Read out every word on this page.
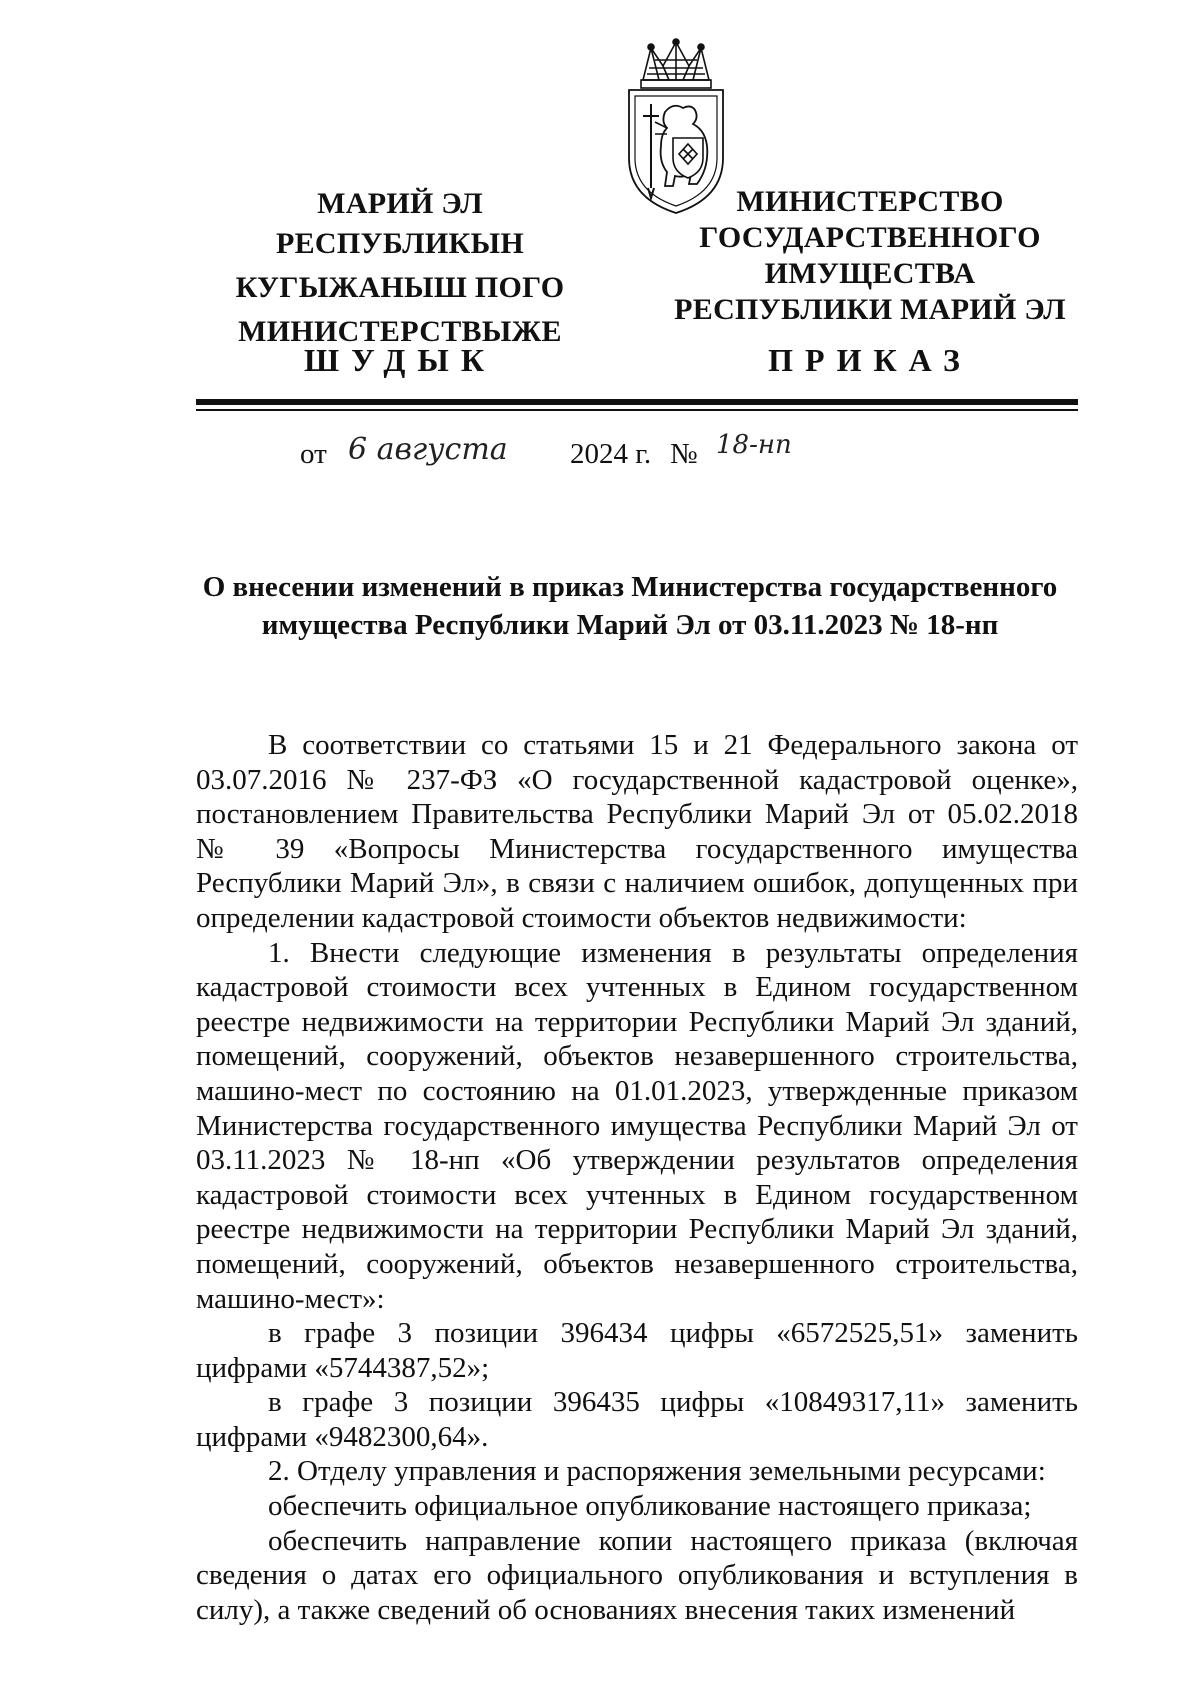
МАРИЙ ЭЛ РЕСПУБЛИКЫН
КУГЫЖАНЫШ ПОГО
МИНИСТЕРСТВЫЖЕ
МИНИСТЕРСТВО
ГОСУДАРСТВЕННОГО
ИМУЩЕСТВА
РЕСПУБЛИКИ МАРИЙ ЭЛ
ШУДЫК	ПРИКАЗ
от 6 августа 2024 г. № 18-нп
О внесении изменений в приказ Министерства государственного
имущества Республики Марий Эл от 03.11.2023 № 18-нп

В соответствии со статьями 15 и 21 Федерального закона от 03.07.2016 № 237-ФЗ «О государственной кадастровой оценке», постановлением Правительства Республики Марий Эл от 05.02.2018 № 39 «Вопросы Министерства государственного имущества Республики Марий Эл», в связи с наличием ошибок, допущенных при определении кадастровой стоимости объектов недвижимости:

1. Внести следующие изменения в результаты определения кадастровой стоимости всех учтенных в Едином государственном реестре недвижимости на территории Республики Марий Эл зданий, помещений, сооружений, объектов незавершенного строительства, машино-мест по состоянию на 01.01.2023, утвержденные приказом Министерства государственного имущества Республики Марий Эл от 03.11.2023 № 18-нп «Об утверждении результатов определения кадастровой стоимости всех учтенных в Едином государственном реестре недвижимости на территории Республики Марий Эл зданий, помещений, сооружений, объектов незавершенного строительства, машино-мест»:

в графе 3 позиции 396434 цифры «6572525,51» заменить цифрами «5744387,52»;

в графе 3 позиции 396435 цифры «10849317,11» заменить цифрами «9482300,64».

2. Отделу управления и распоряжения земельными ресурсами:

обеспечить официальное опубликование настоящего приказа;

обеспечить направление копии настоящего приказа (включая сведения о датах его официального опубликования и вступления в силу), а также сведений об основаниях внесения таких изменений
